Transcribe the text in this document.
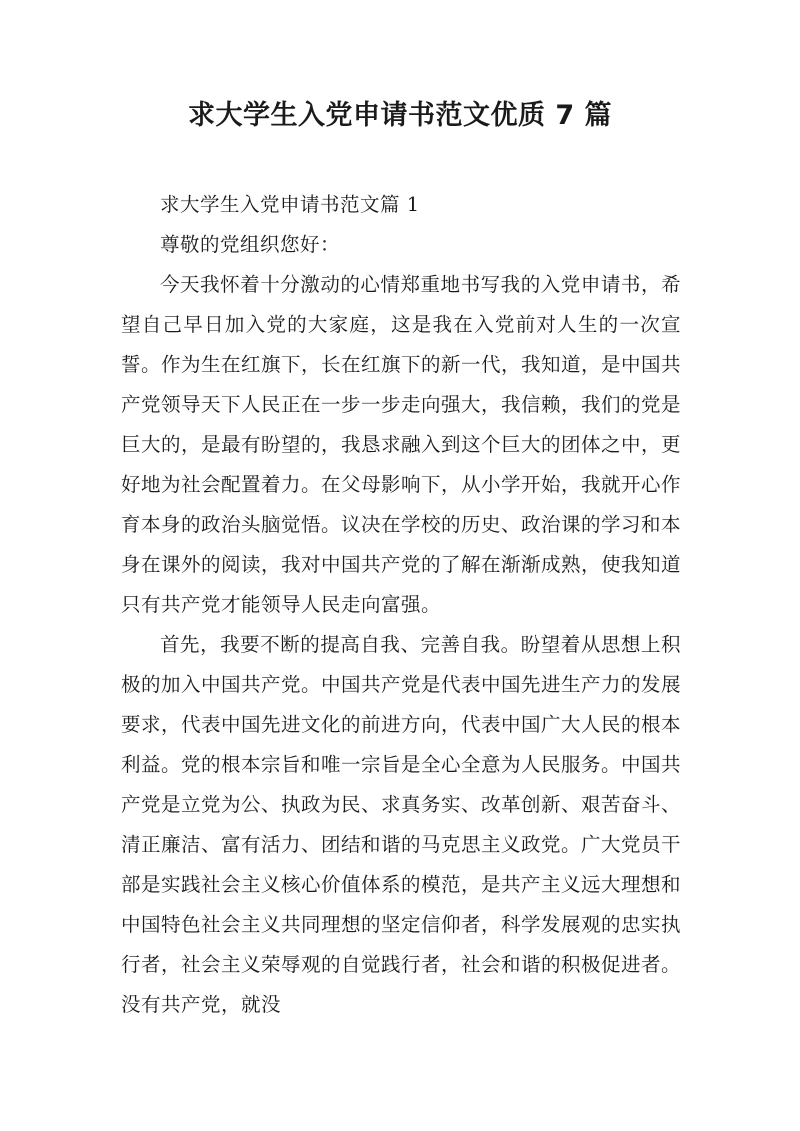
求大学生入党申请书范文优质 7 篇

求大学生入党申请书范文篇 1

尊敬的党组织您好：

今天我怀着十分激动的心情郑重地书写我的入党申请书，希望自己早日加入党的大家庭，这是我在入党前对人生的一次宣誓。作为生在红旗下，长在红旗下的新一代，我知道，是中国共产党领导天下人民正在一步一步走向强大，我信赖，我们的党是巨大的，是最有盼望的，我恳求融入到这个巨大的团体之中，更好地为社会配置着力。在父母影响下，从小学开始，我就开心作育本身的政治头脑觉悟。议决在学校的历史、政治课的学习和本身在课外的阅读，我对中国共产党的了解在渐渐成熟，使我知道只有共产党才能领导人民走向富强。

首先，我要不断的提高自我、完善自我。盼望着从思想上积极的加入中国共产党。中国共产党是代表中国先进生产力的发展要求，代表中国先进文化的前进方向，代表中国广大人民的根本利益。党的根本宗旨和唯一宗旨是全心全意为人民服务。中国共产党是立党为公、执政为民、求真务实、改革创新、艰苦奋斗、清正廉洁、富有活力、团结和谐的马克思主义政党。广大党员干部是实践社会主义核心价值体系的模范，是共产主义远大理想和中国特色社会主义共同理想的坚定信仰者，科学发展观的忠实执行者，社会主义荣辱观的自觉践行者，社会和谐的积极促进者。没有共产党，就没
